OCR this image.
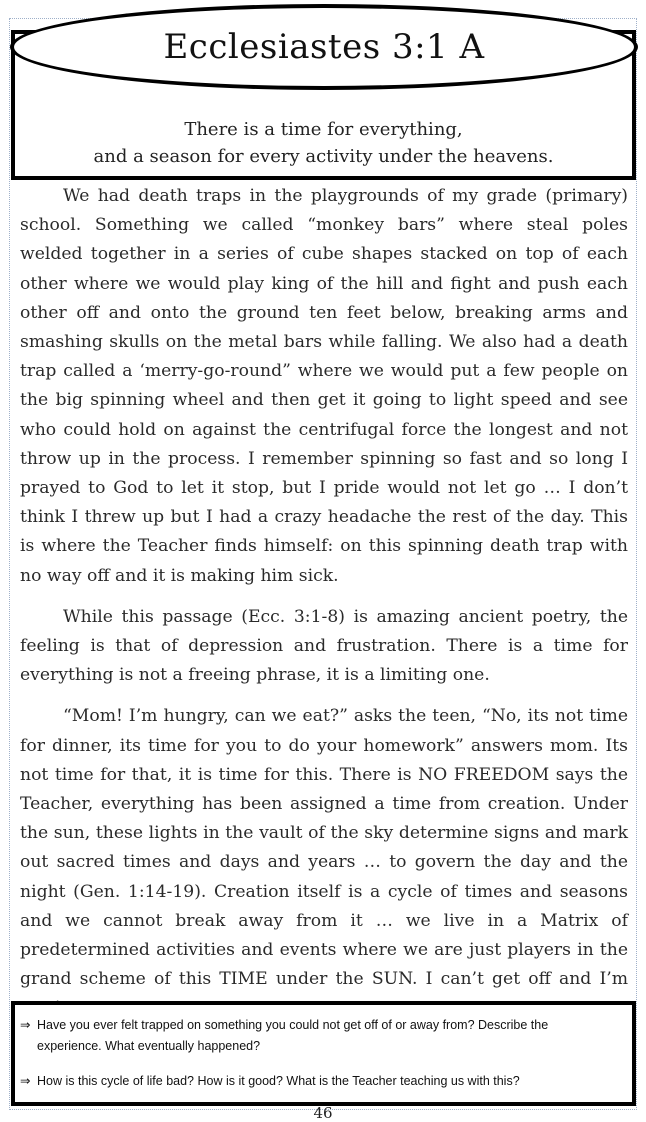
Ecclesiastes 3:1 A
There is a time for everything,
and a season for every activity under the heavens.

We had death traps in the playgrounds of my grade (primary) school. Something we called “monkey bars” where steal poles welded together in a series of cube shapes stacked on top of each other where we would play king of the hill and fight and push each other off and onto the ground ten feet below, breaking arms and smashing skulls on the metal bars while falling. We also had a death trap called a ‘merry-go-round” where we would put a few people on the big spinning wheel and then get it going to light speed and see who could hold on against the centrifugal force the longest and not throw up in the process. I remember spinning so fast and so long I prayed to God to let it stop, but I pride would not let go … I don’t think I threw up but I had a crazy headache the rest of the day. This is where the Teacher finds himself: on this spinning death trap with no way off and it is making him sick.

While this passage (Ecc. 3:1-8) is amazing ancient poetry, the feeling is that of depression and frustration. There is a time for everything is not a freeing phrase, it is a limiting one.

“Mom! I’m hungry, can we eat?” asks the teen, “No, its not time for dinner, its time for you to do your homework” answers mom. Its not time for that, it is time for this. There is NO FREEDOM says the Teacher, everything has been assigned a time from creation. Under the sun, these lights in the vault of the sky determine signs and mark out sacred times and days and years … to govern the day and the night (Gen. 1:14-19). Creation itself is a cycle of times and seasons and we cannot break away from it … we live in a Matrix of predetermined activities and events where we are just players in the grand scheme of this TIME under the SUN. I can’t get off and I’m

⇒ Have you ever felt trapped on something you could not get off of or away from? Describe the
experience. What eventually happened?
⇒ How is this cycle of life bad? How is it good? What is the Teacher teaching us with this?
46
